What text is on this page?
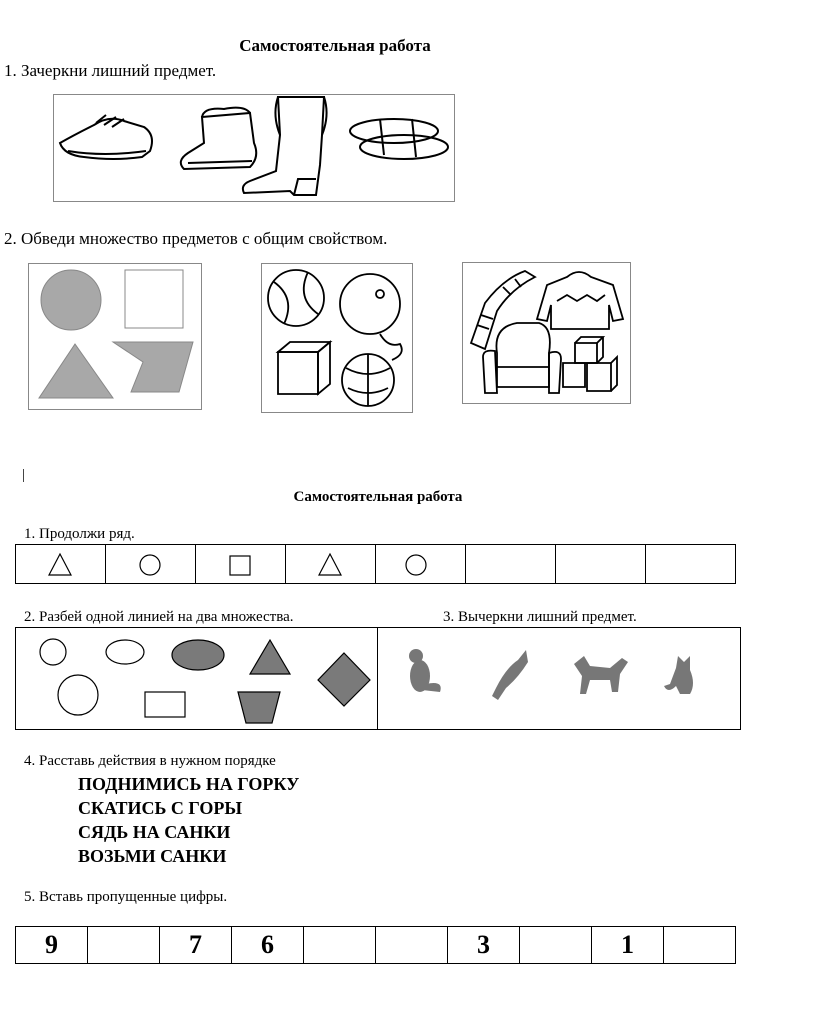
Самостоятельная работа
1. Зачеркни лишний предмет.
2. Обведи множество предметов с общим свойством.
|
Самостоятельная работа
1. Продолжи ряд.

2. Разбей одной линией на два множества.	3. Вычеркни лишний предмет.
4. Расставь действия в нужном порядке
ПОДНИМИСЬ НА ГОРКУ
СКАТИСЬ С ГОРЫ
СЯДЬ НА САНКИ
ВОЗЬМИ САНКИ
5. Вставь пропущенные цифры.
9		7	6			3		1	
